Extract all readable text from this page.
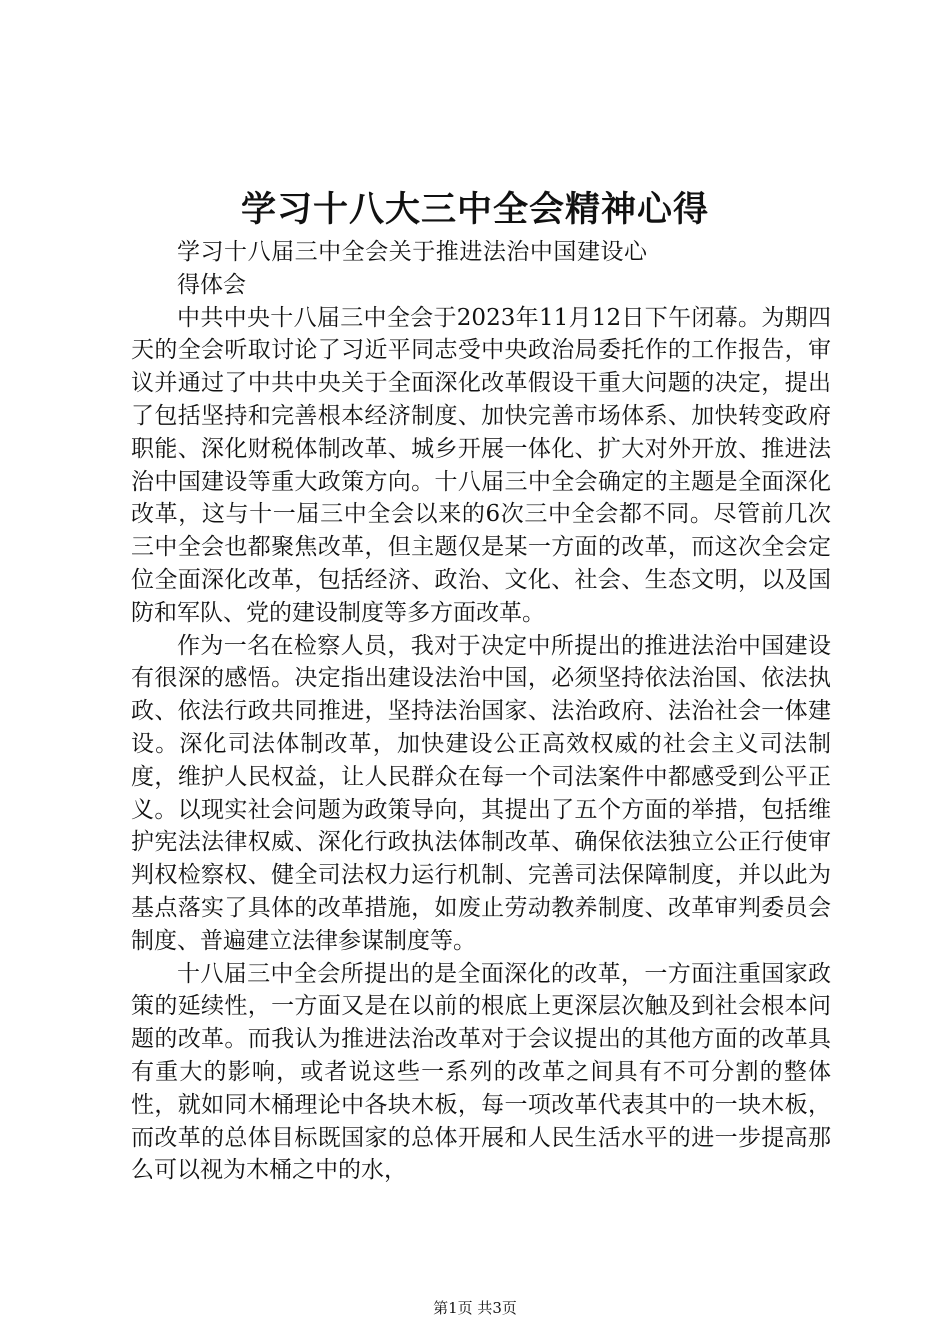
学习十八大三中全会精神心得

学习十八届三中全会关于推进法治中国建设心得体会

中共中央十八届三中全会于2023年11月12日下午闭幕。为期四天的全会听取讨论了习近平同志受中央政治局委托作的工作报告，审议并通过了中共中央关于全面深化改革假设干重大问题的决定，提出了包括坚持和完善根本经济制度、加快完善市场体系、加快转变政府职能、深化财税体制改革、城乡开展一体化、扩大对外开放、推进法治中国建设等重大政策方向。十八届三中全会确定的主题是全面深化改革，这与十一届三中全会以来的6次三中全会都不同。尽管前几次三中全会也都聚焦改革，但主题仅是某一方面的改革，而这次全会定位全面深化改革，包括经济、政治、文化、社会、生态文明，以及国防和军队、党的建设制度等多方面改革。

作为一名在检察人员，我对于决定中所提出的推进法治中国建设有很深的感悟。决定指出建设法治中国，必须坚持依法治国、依法执政、依法行政共同推进，坚持法治国家、法治政府、法治社会一体建设。深化司法体制改革，加快建设公正高效权威的社会主义司法制度，维护人民权益，让人民群众在每一个司法案件中都感受到公平正义。以现实社会问题为政策导向，其提出了五个方面的举措，包括维护宪法法律权威、深化行政执法体制改革、确保依法独立公正行使审判权检察权、健全司法权力运行机制、完善司法保障制度，并以此为基点落实了具体的改革措施，如废止劳动教养制度、改革审判委员会制度、普遍建立法律参谋制度等。

十八届三中全会所提出的是全面深化的改革，一方面注重国家政策的延续性，一方面又是在以前的根底上更深层次触及到社会根本问题的改革。而我认为推进法治改革对于会议提出的其他方面的改革具有重大的影响，或者说这些一系列的改革之间具有不可分割的整体性，就如同木桶理论中各块木板，每一项改革代表其中的一块木板，而改革的总体目标既国家的总体开展和人民生活水平的进一步提高那么可以视为木桶之中的水，

第1页 共3页
